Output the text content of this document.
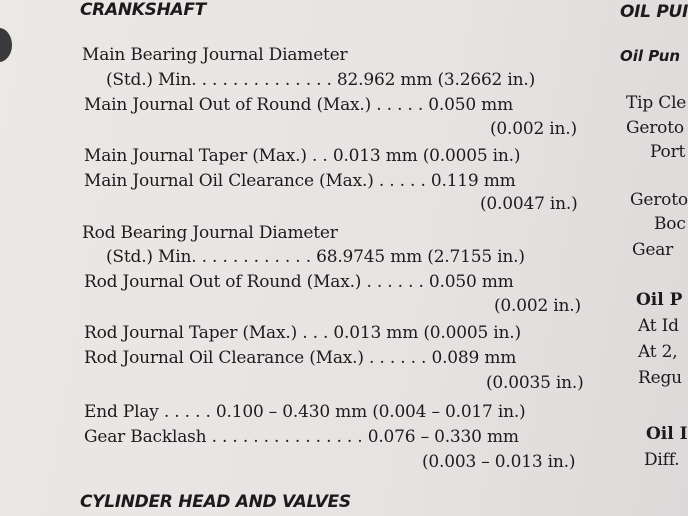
CRANKSHAFT	OIL PUI
Main Bearing Journal Diameter
(Std.) Min. . . . . . . . . . . . . . 82.962 mm (3.2662 in.)
Main Journal Out of Round (Max.) . . . . . 0.050 mm
(0.002 in.)
Main Journal Taper (Max.) . . 0.013 mm (0.0005 in.)
Main Journal Oil Clearance (Max.) . . . . . 0.119 mm
(0.0047 in.)
Rod Bearing Journal Diameter
(Std.) Min. . . . . . . . . . . . 68.9745 mm (2.7155 in.)
Rod Journal Out of Round (Max.) . . . . . . 0.050 mm
(0.002 in.)
Rod Journal Taper (Max.) . . . 0.013 mm (0.0005 in.)
Rod Journal Oil Clearance (Max.) . . . . . . 0.089 mm
(0.0035 in.)
End Play . . . . . 0.100 – 0.430 mm (0.004 – 0.017 in.)
Gear Backlash . . . . . . . . . . . . . . . 0.076 – 0.330 mm
(0.003 – 0.013 in.)
CYLINDER HEAD AND VALVES
Oil Pun
Tip Cle
Geroto
Port
Geroto
Boc
Gear
Oil P
At Id
At 2,
Regu
Oil I
Diff.
